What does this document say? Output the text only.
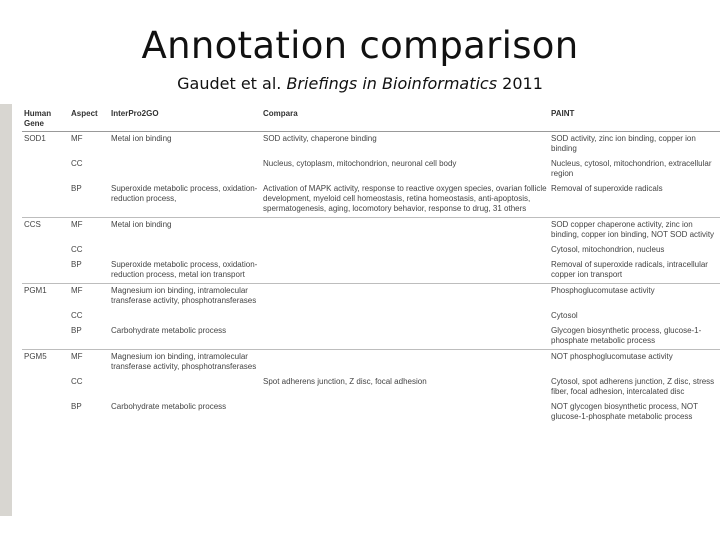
Annotation comparison
Gaudet et al. Briefings in Bioinformatics 2011
Human Gene	Aspect	InterPro2GO	Compara	PAINT
SOD1	MF	Metal ion binding	SOD activity, chaperone binding	SOD activity, zinc ion binding, copper ion binding
	CC		Nucleus, cytoplasm, mitochondrion, neuronal cell body	Nucleus, cytosol, mitochondrion, extracellular region
	BP	Superoxide metabolic process, oxidation-reduction process,	Activation of MAPK activity, response to reactive oxygen species, ovarian follicle development, myeloid cell homeostasis, retina homeostasis, anti-apoptosis, spermatogenesis, aging, locomotory behavior, response to drug, 31 others	Removal of superoxide radicals
CCS	MF	Metal ion binding		SOD copper chaperone activity, zinc ion binding, copper ion binding, NOT SOD activity
	CC			Cytosol, mitochondrion, nucleus
	BP	Superoxide metabolic process, oxidation-reduction process, metal ion transport		Removal of superoxide radicals, intracellular copper ion transport
PGM1	MF	Magnesium ion binding, intramolecular transferase activity, phosphotransferases		Phosphoglucomutase activity
	CC			Cytosol
	BP	Carbohydrate metabolic process		Glycogen biosynthetic process, glucose-1-phosphate metabolic process
PGM5	MF	Magnesium ion binding, intramolecular transferase activity, phosphotransferases		NOT phosphoglucomutase activity
	CC		Spot adherens junction, Z disc, focal adhesion	Cytosol, spot adherens junction, Z disc, stress fiber, focal adhesion, intercalated disc
	BP	Carbohydrate metabolic process		NOT glycogen biosynthetic process, NOT glucose-1-phosphate metabolic process
